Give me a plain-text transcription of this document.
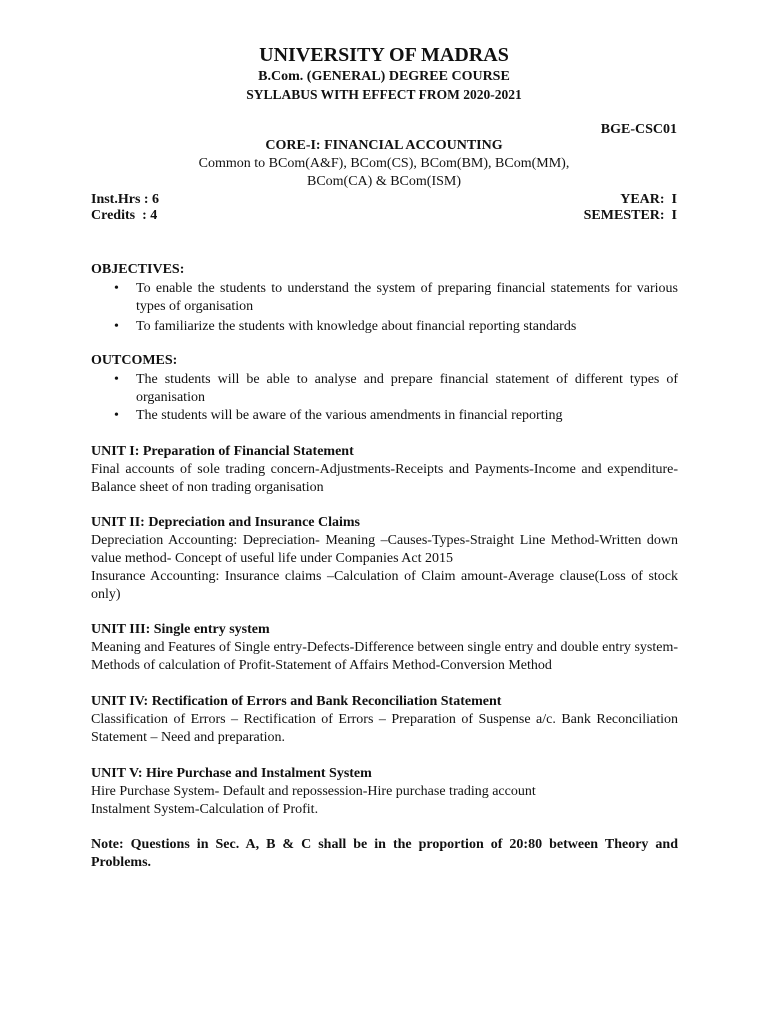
UNIVERSITY OF MADRAS
B.Com. (GENERAL) DEGREE COURSE
SYLLABUS WITH EFFECT FROM 2020-2021
BGE-CSC01
CORE-I: FINANCIAL ACCOUNTING
Common to BCom(A&F), BCom(CS), BCom(BM), BCom(MM),
BCom(CA) & BCom(ISM)
Inst.Hrs : 6
Credits  : 4
YEAR:  I
SEMESTER:  I
OBJECTIVES:
• To enable the students to understand the system of preparing financial statements for various types of organisation
• To familiarize the students with knowledge about financial reporting standards
OUTCOMES:
• The students will be able to analyse and prepare financial statement of different types of organisation
• The students will be aware of the various amendments in financial reporting
UNIT I: Preparation of Financial Statement
Final accounts of sole trading concern-Adjustments-Receipts and Payments-Income and expenditure-Balance sheet of non trading organisation
UNIT II: Depreciation and Insurance Claims
Depreciation Accounting: Depreciation- Meaning –Causes-Types-Straight Line Method-Written down value method- Concept of useful life under Companies Act 2015
Insurance Accounting: Insurance claims –Calculation of Claim amount-Average clause(Loss of stock only)
UNIT III: Single entry system
Meaning and Features of Single entry-Defects-Difference between single entry and double entry system-Methods of calculation of Profit-Statement of Affairs Method-Conversion Method
UNIT IV: Rectification of Errors and Bank Reconciliation Statement
Classification of Errors – Rectification of Errors – Preparation of Suspense a/c. Bank Reconciliation Statement – Need and preparation.
UNIT V: Hire Purchase and Instalment System
Hire Purchase System- Default and repossession-Hire purchase trading account
Instalment System-Calculation of Profit.
Note: Questions in Sec. A, B & C shall be in the proportion of 20:80 between Theory and Problems.
